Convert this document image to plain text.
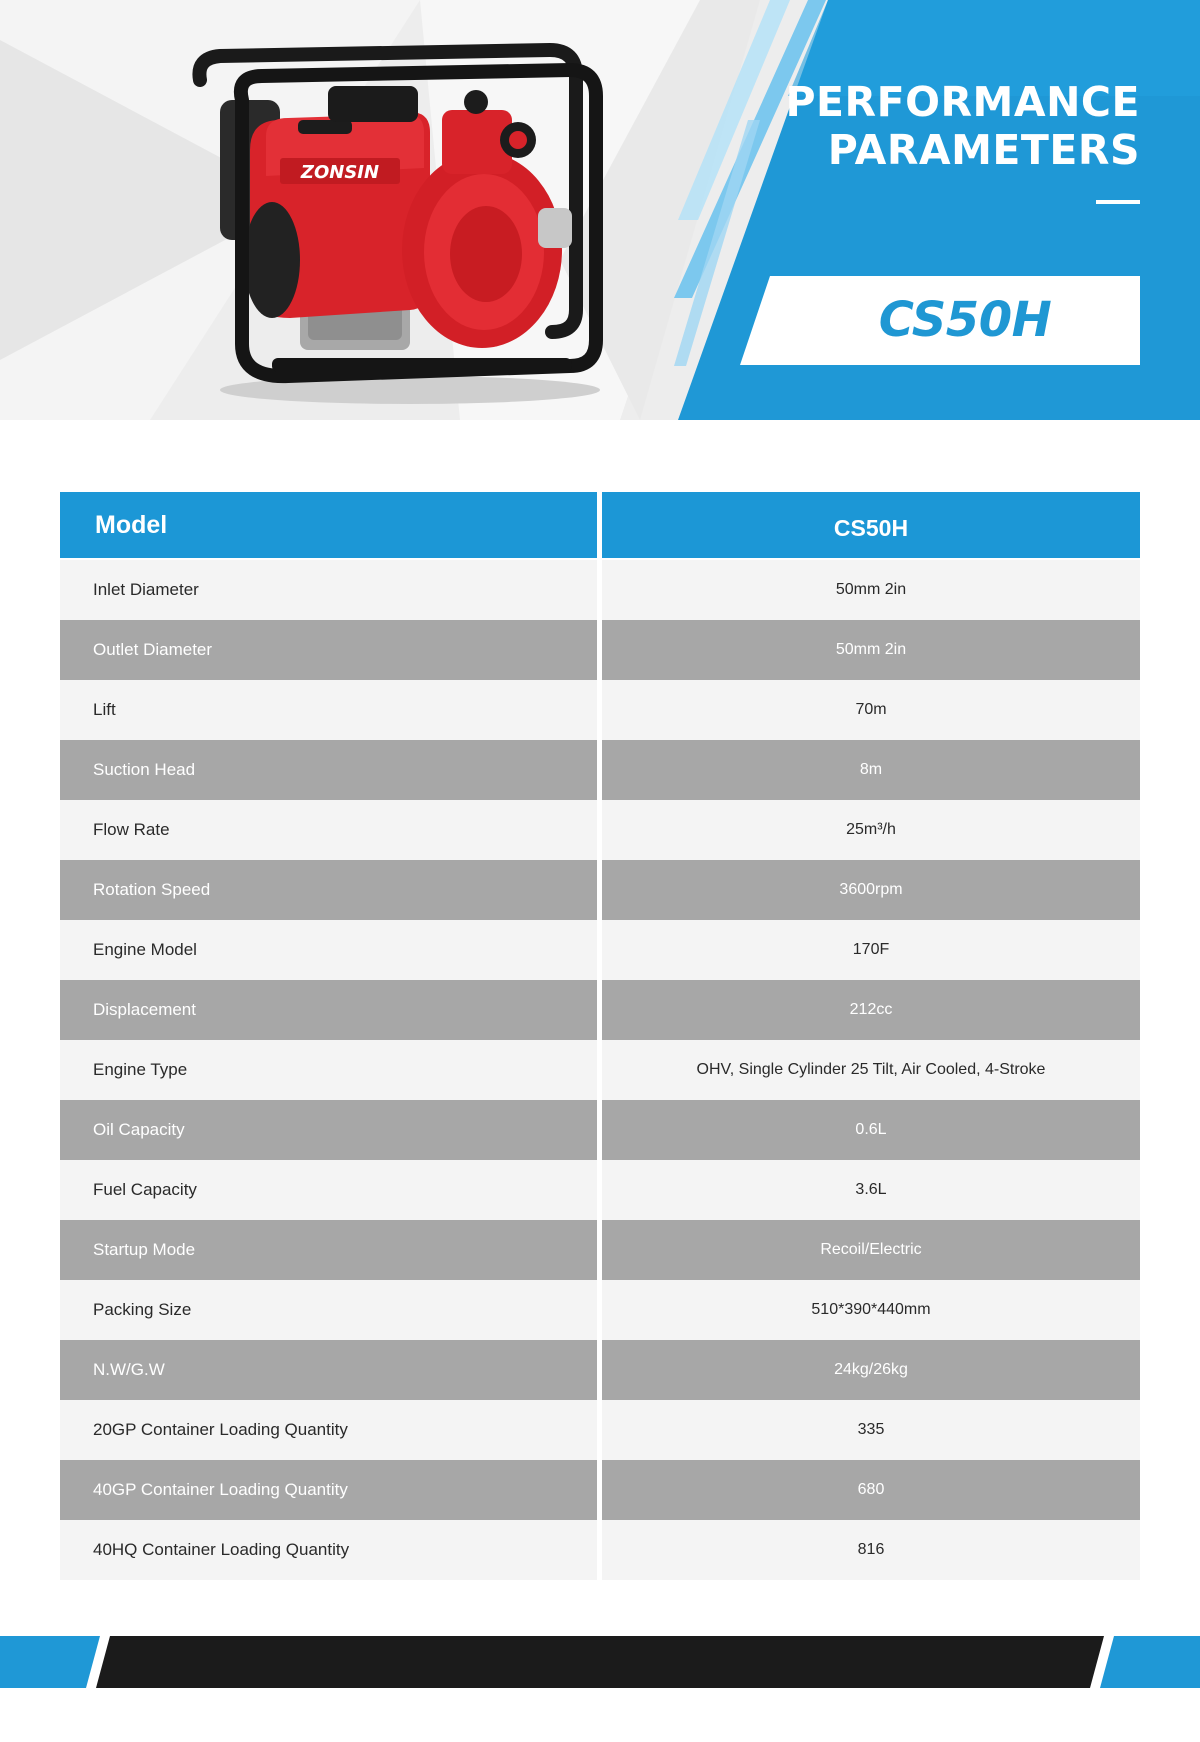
ZONSIN
PERFORMANCE
PARAMETERS
CS50H
Model	CS50H
Inlet Diameter	50mm 2in
Outlet Diameter	50mm 2in
Lift	70m
Suction Head	8m
Flow Rate	25m³/h
Rotation Speed	3600rpm
Engine Model	170F
Displacement	212cc
Engine Type	OHV, Single Cylinder 25 Tilt, Air Cooled, 4-Stroke
Oil Capacity	0.6L
Fuel Capacity	3.6L
Startup Mode	Recoil/Electric
Packing Size	510*390*440mm
N.W/G.W	24kg/26kg
20GP Container Loading Quantity	335
40GP Container Loading Quantity	680
40HQ Container Loading Quantity	816
